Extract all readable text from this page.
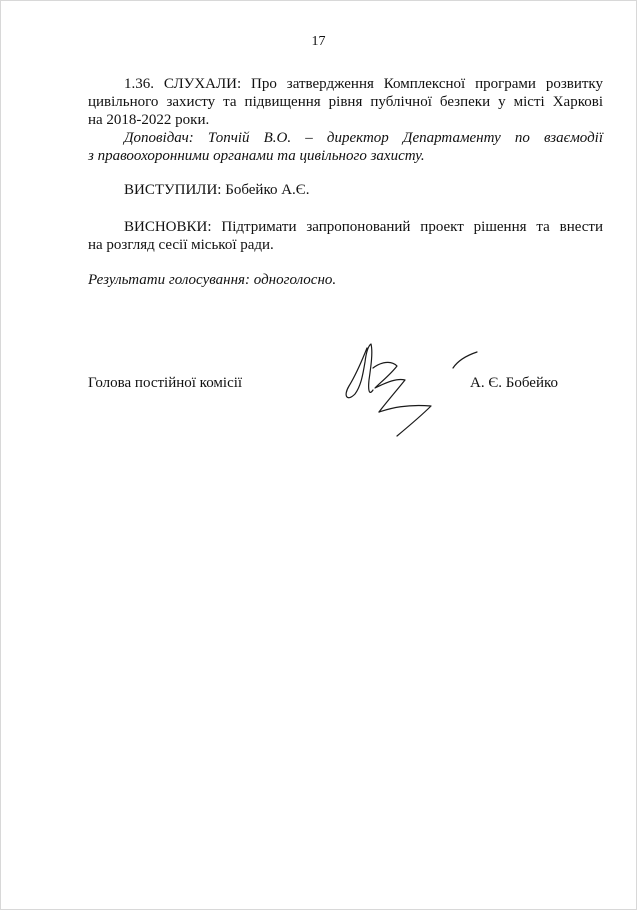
17
1.36. СЛУХАЛИ: Про затвердження Комплексної програми розвитку
цивільного захисту та підвищення рівня публічної безпеки у місті Харкові
на 2018-2022 роки.
Доповідач: Топчій В.О. – директор Департаменту по взаємодії
з правоохоронними органами та цивільного захисту.
ВИСТУПИЛИ: Бобейко А.Є.
ВИСНОВКИ: Підтримати запропонований проект рішення та внести
на розгляд сесії міської ради.
Результати голосування: одноголосно.
Голова постійної комісії	А. Є. Бобейко
